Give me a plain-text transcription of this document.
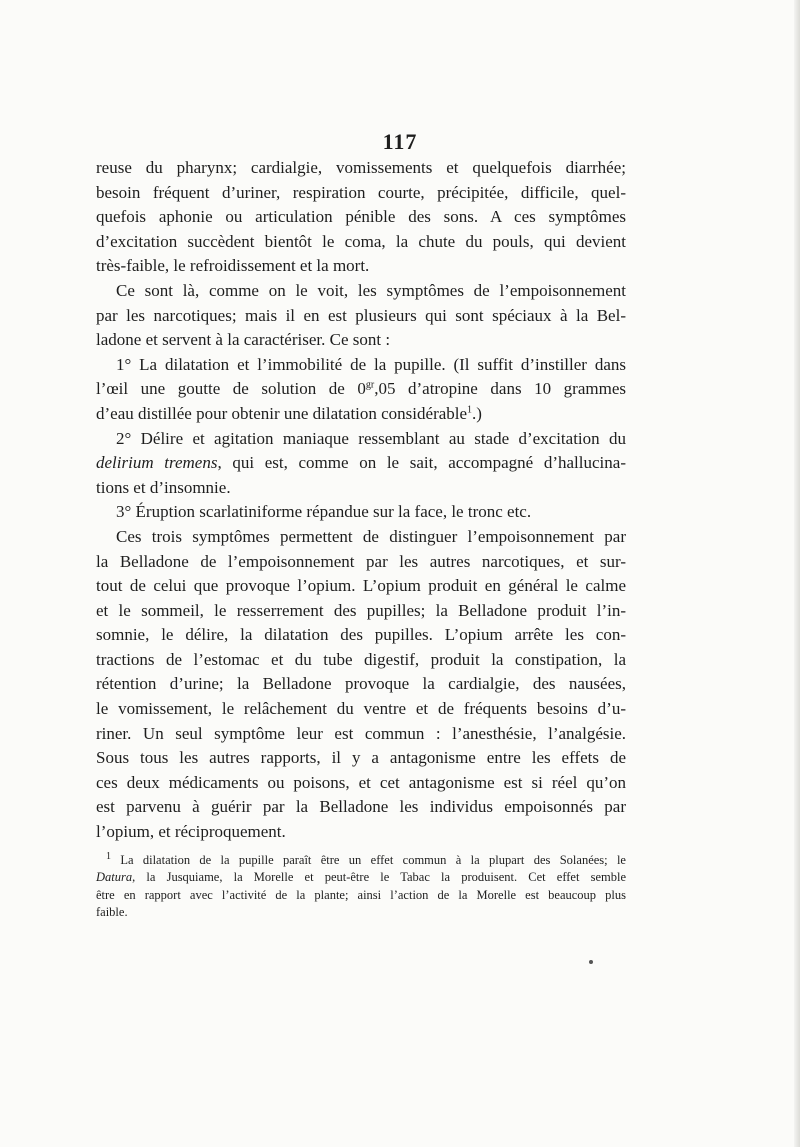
117
reuse du pharynx; cardialgie, vomissements et quelquefois diarrhée;
besoin fréquent d’uriner, respiration courte, précipitée, difficile, quel-
quefois aphonie ou articulation pénible des sons. A ces symptômes
d’excitation succèdent bientôt le coma, la chute du pouls, qui devient
très-faible, le refroidissement et la mort.
Ce sont là, comme on le voit, les symptômes de l’empoisonnement
par les narcotiques; mais il en est plusieurs qui sont spéciaux à la Bel-
ladone et servent à la caractériser. Ce sont :
1° La dilatation et l’immobilité de la pupille. (Il suffit d’instiller dans
l’œil une goutte de solution de $0^{gr},05$ d’atropine dans 10 grammes
d’eau distillée pour obtenir une dilatation considérable$^1$.)
2° Délire et agitation maniaque ressemblant au stade d’excitation du
delirium tremens, qui est, comme on le sait, accompagné d’hallucina-
tions et d’insomnie.
3° Éruption scarlatiniforme répandue sur la face, le tronc etc.
Ces trois symptômes permettent de distinguer l’empoisonnement par
la Belladone de l’empoisonnement par les autres narcotiques, et sur-
tout de celui que provoque l’opium. L’opium produit en général le calme
et le sommeil, le resserrement des pupilles; la Belladone produit l’in-
somnie, le délire, la dilatation des pupilles. L’opium arrête les con-
tractions de l’estomac et du tube digestif, produit la constipation, la
rétention d’urine; la Belladone provoque la cardialgie, des nausées,
le vomissement, le relâchement du ventre et de fréquents besoins d’u-
riner. Un seul symptôme leur est commun : l’anesthésie, l’analgésie.
Sous tous les autres rapports, il y a antagonisme entre les effets de
ces deux médicaments ou poisons, et cet antagonisme est si réel qu’on
est parvenu à guérir par la Belladone les individus empoisonnés par
l’opium, et réciproquement.
$^1$ La dilatation de la pupille paraît être un effet commun à la plupart des Solanées; le
Datura, la Jusquiame, la Morelle et peut-être le Tabac la produisent. Cet effet semble
être en rapport avec l’activité de la plante; ainsi l’action de la Morelle est beaucoup plus
faible.
